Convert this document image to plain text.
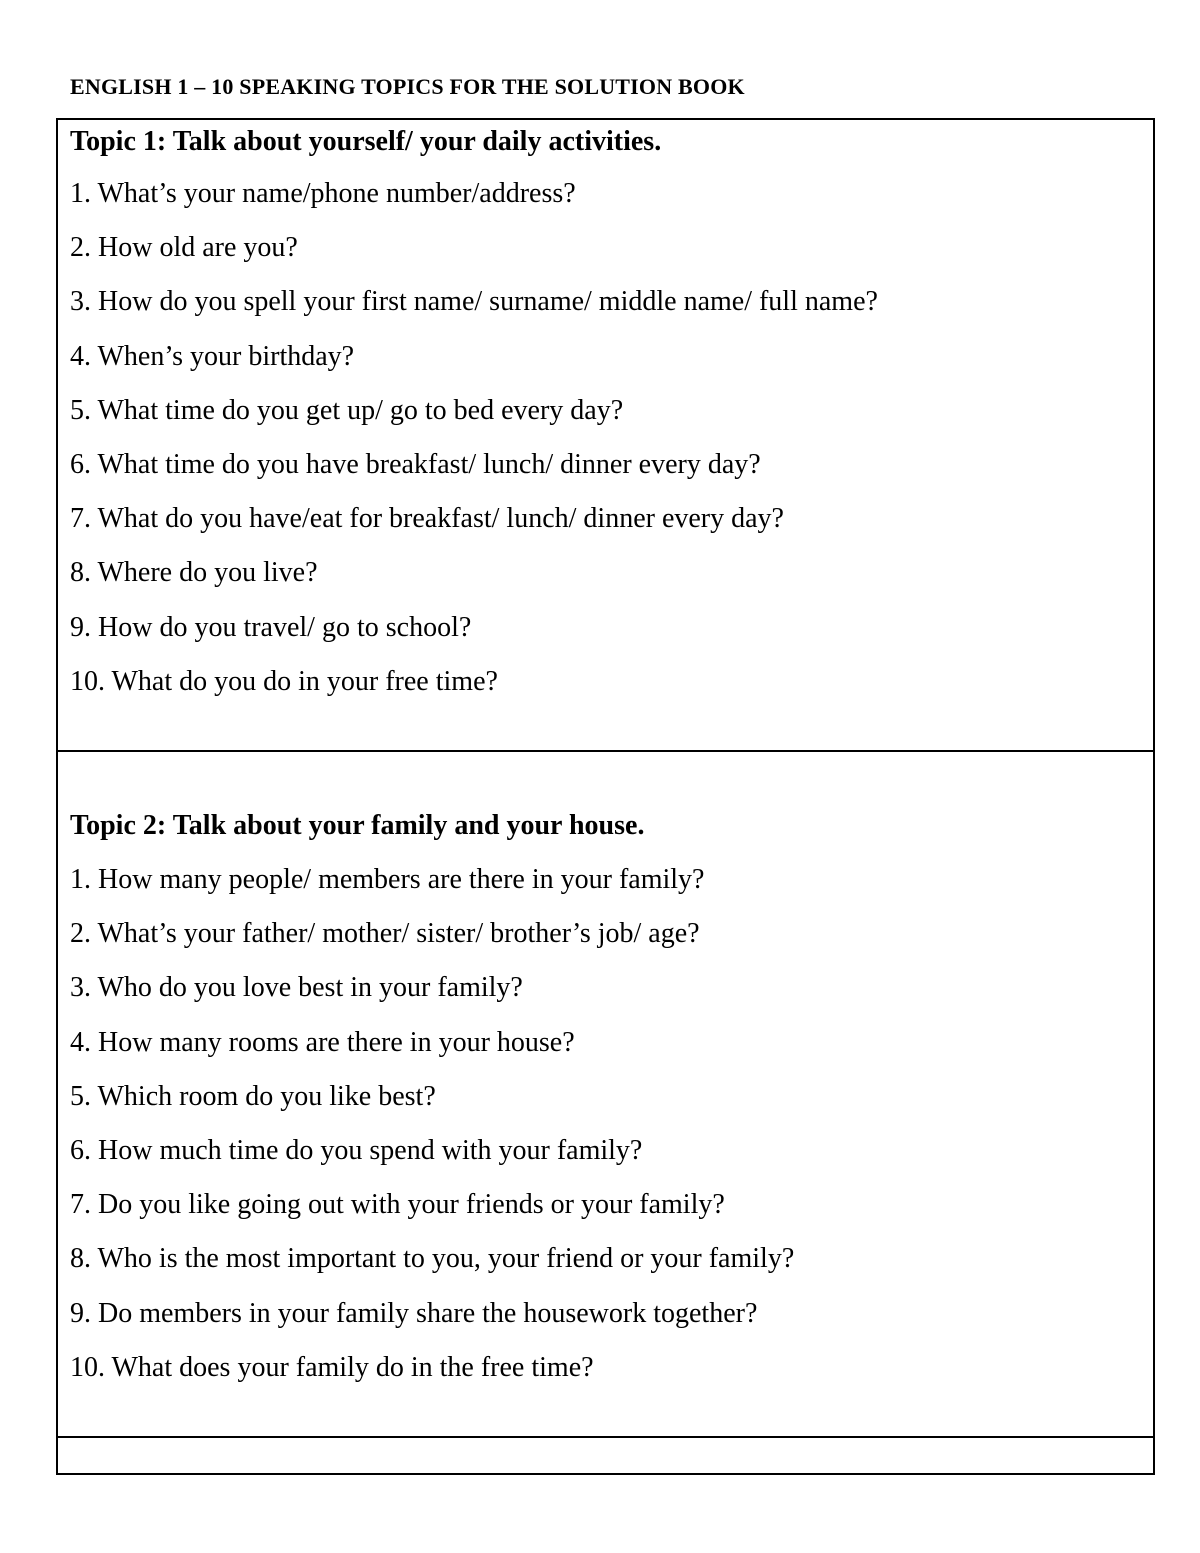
ENGLISH 1 – 10 SPEAKING TOPICS FOR THE SOLUTION BOOK
Topic 1: Talk about yourself/ your daily activities.
1. What’s your name/phone number/address?
2. How old are you?
3. How do you spell your first name/ surname/ middle name/ full name?
4. When’s your birthday?
5. What time do you get up/ go to bed every day?
6. What time do you have breakfast/ lunch/ dinner every day?
7. What do you have/eat for breakfast/ lunch/ dinner every day?
8. Where do you live?
9. How do you travel/ go to school?
10. What do you do in your free time?
Topic 2: Talk about your family and your house.
1. How many people/ members are there in your family?
2. What’s your father/ mother/ sister/ brother’s job/ age?
3. Who do you love best in your family?
4. How many rooms are there in your house?
5. Which room do you like best?
6. How much time do you spend with your family?
7. Do you like going out with your friends or your family?
8. Who is the most important to you, your friend or your family?
9. Do members in your family share the housework together?
10. What does your family do in the free time?
